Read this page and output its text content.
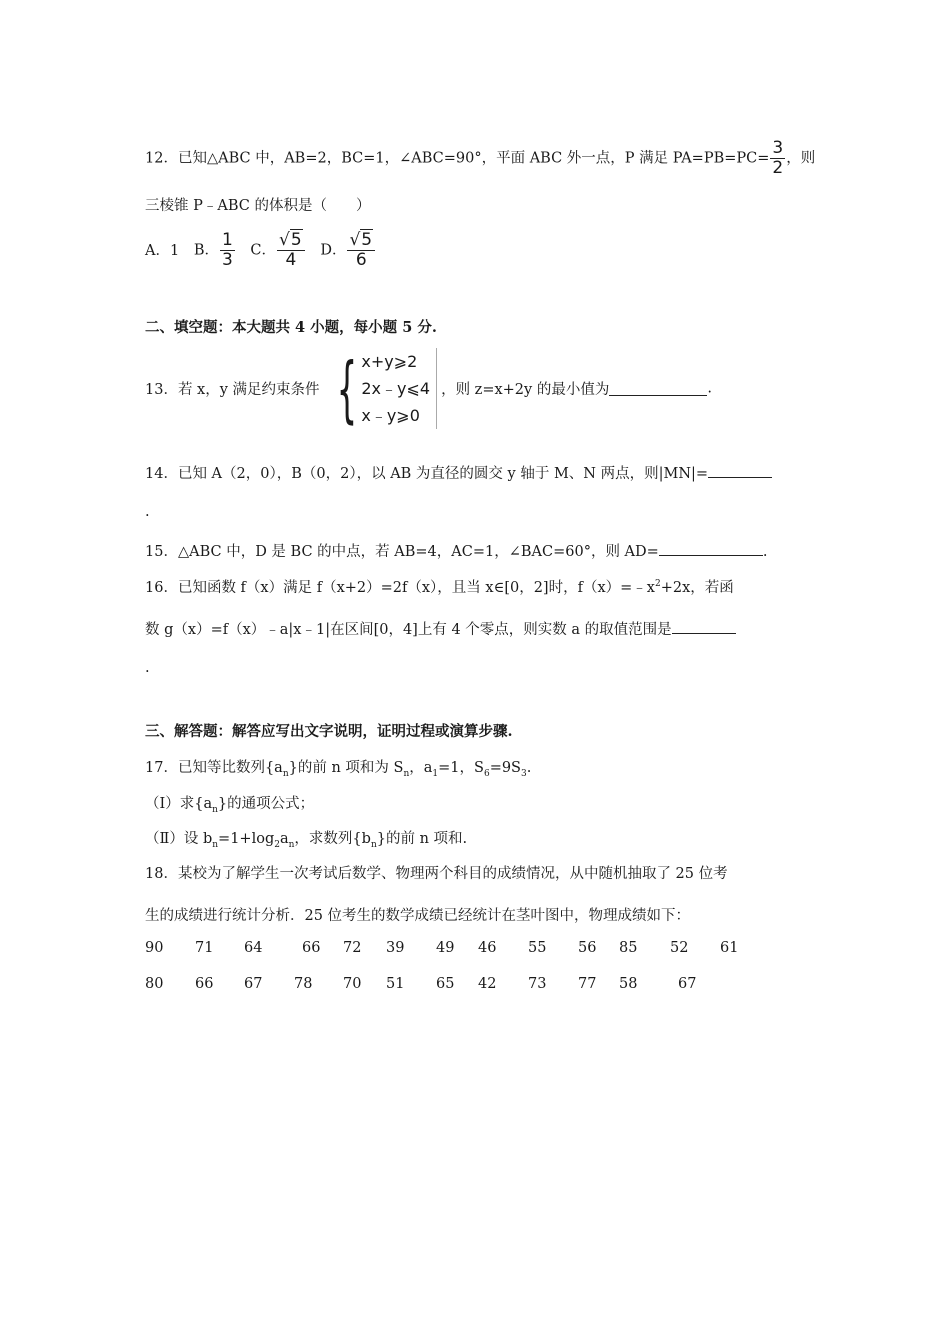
12．已知△ABC 中，AB=2，BC=1，∠ABC=90°，平面 ABC 外一点，P 满足 $PA=PB=PC= \frac{3}{2}$ ，则
三棱锥 P﹣ABC 的体积是（　　）
A．1 B． $\frac{1}{3}$ C． $\frac{√5}{4}$ D． $\frac{√5}{6}$
二、填空题：本大题共 4 小题，每小题 5 分.
13．若 x，y 满足约束条件 { x+y⩾2
2x﹣y⩽4
x﹣y⩾0
，则 z=x+2y 的最小值为	.
14．已知 A（2，0），B（0，2），以 AB 为直径的圆交 y 轴于 M、N 两点，则|MN|=
.
15．△ABC 中，D 是 BC 的中点，若 AB=4，AC=1，∠BAC=60°，则 AD=	.
16．已知函数 f（x）满足 f（x+2）=2f（x），且当 x∈[0，2]时，$f(x)=﹣x^2+2x$，若函
数 g（x）=f（x）﹣a|x﹣1|在区间[0，4]上有 4 个零点，则实数 a 的取值范围是
.
三、解答题：解答应写出文字说明，证明过程或演算步骤.
17．已知等比数列$\{a_n\}$的前 n 项和为 $S_n$，$a_1=1$，$S_6=9S_3$.
（Ⅰ）求$\{a_n\}$的通项公式；
（Ⅱ）设 $b_n=1+\log_2a_n$，求数列$\{b_n\}$的前 n 项和.
18．某校为了解学生一次考试后数学、物理两个科目的成绩情况，从中随机抽取了 25 位考
生的成绩进行统计分析．25 位考生的数学成绩已经统计在茎叶图中，物理成绩如下：
90 71 64	66 72 39 49 46 55 56 85 52 61
80 66 67 78 70 51 65 42 73 77 58	67
